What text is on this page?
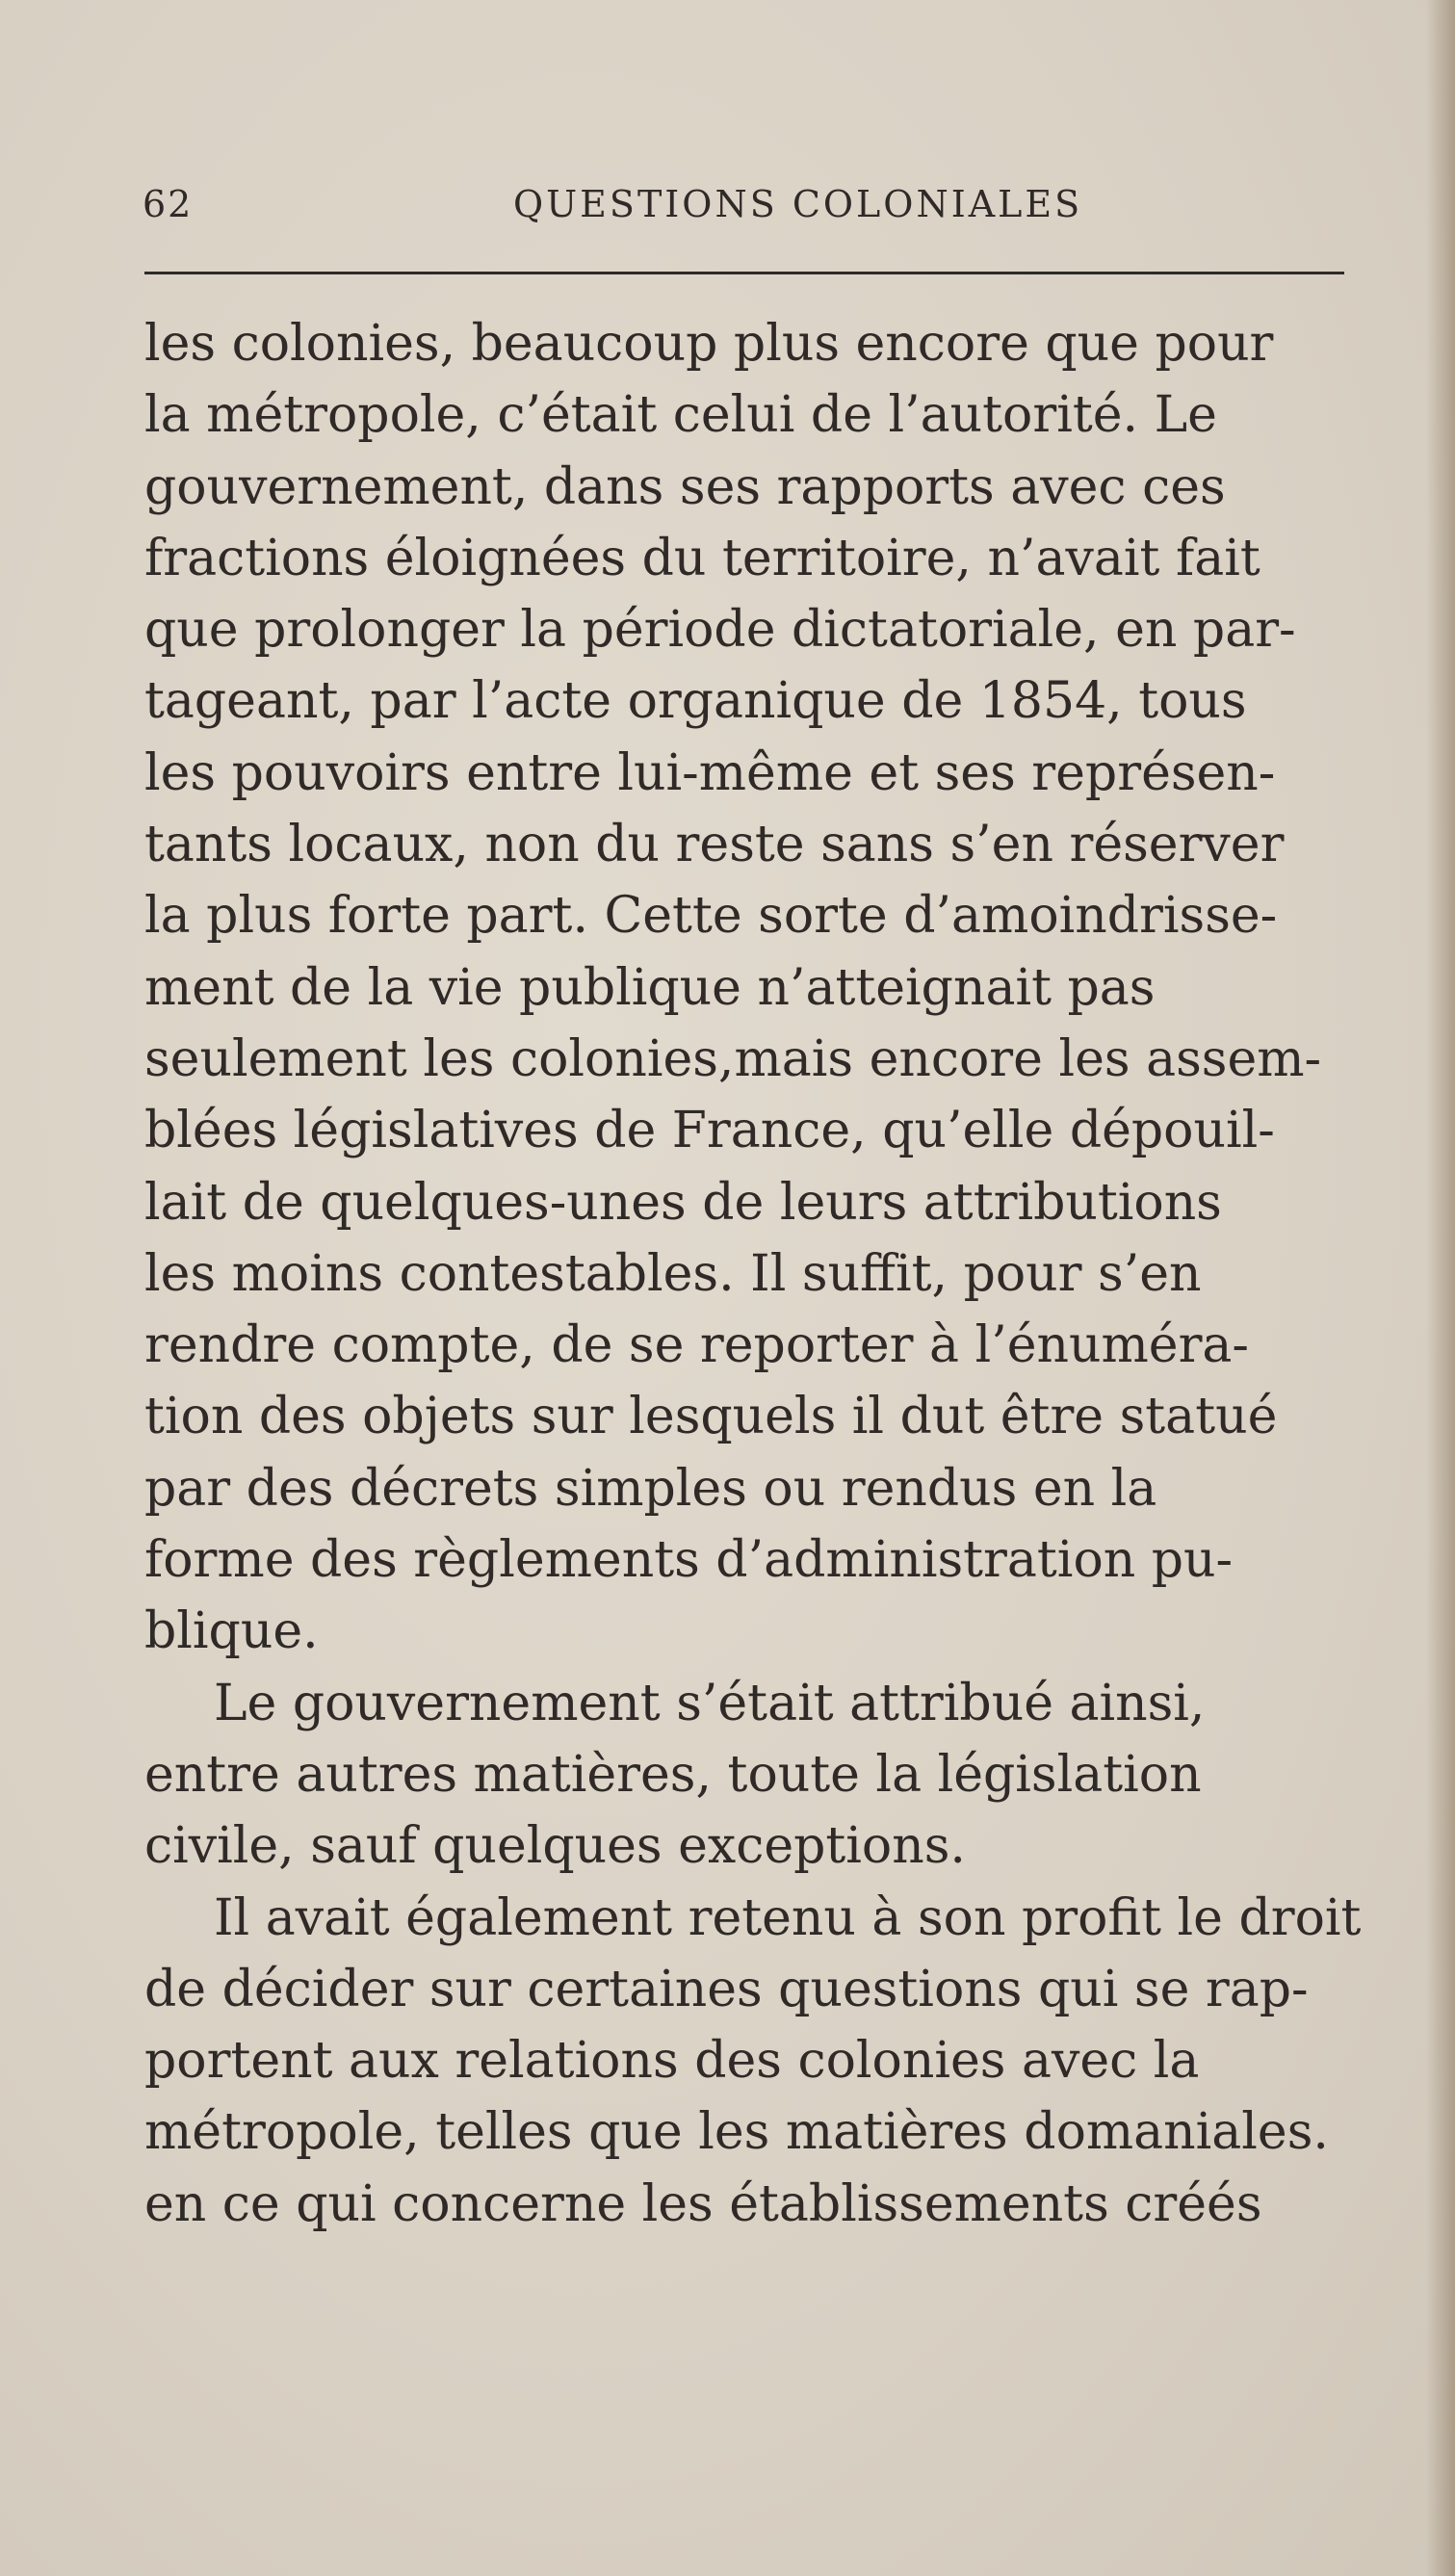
62	QUESTIONS COLONIALES
les colonies, beaucoup plus encore que pour
la métropole, c’était celui de l’autorité. Le
gouvernement, dans ses rapports avec ces
fractions éloignées du territoire, n’avait fait
que prolonger la période dictatoriale, en par-
tageant, par l’acte organique de 1854, tous
les pouvoirs entre lui-même et ses représen-
tants locaux, non du reste sans s’en réserver
la plus forte part. Cette sorte d’amoindrisse-
ment de la vie publique n’atteignait pas
seulement les colonies,mais encore les assem-
blées législatives de France, qu’elle dépouil-
lait de quelques-unes de leurs attributions
les moins contestables. Il suffit, pour s’en
rendre compte, de se reporter à l’énuméra-
tion des objets sur lesquels il dut être statué
par des décrets simples ou rendus en la
forme des règlements d’administration pu-
blique.
Le gouvernement s’était attribué ainsi,
entre autres matières, toute la législation
civile, sauf quelques exceptions.
Il avait également retenu à son profit le droit
de décider sur certaines questions qui se rap-
portent aux relations des colonies avec la
métropole, telles que les matières domaniales.
en ce qui concerne les établissements créés
